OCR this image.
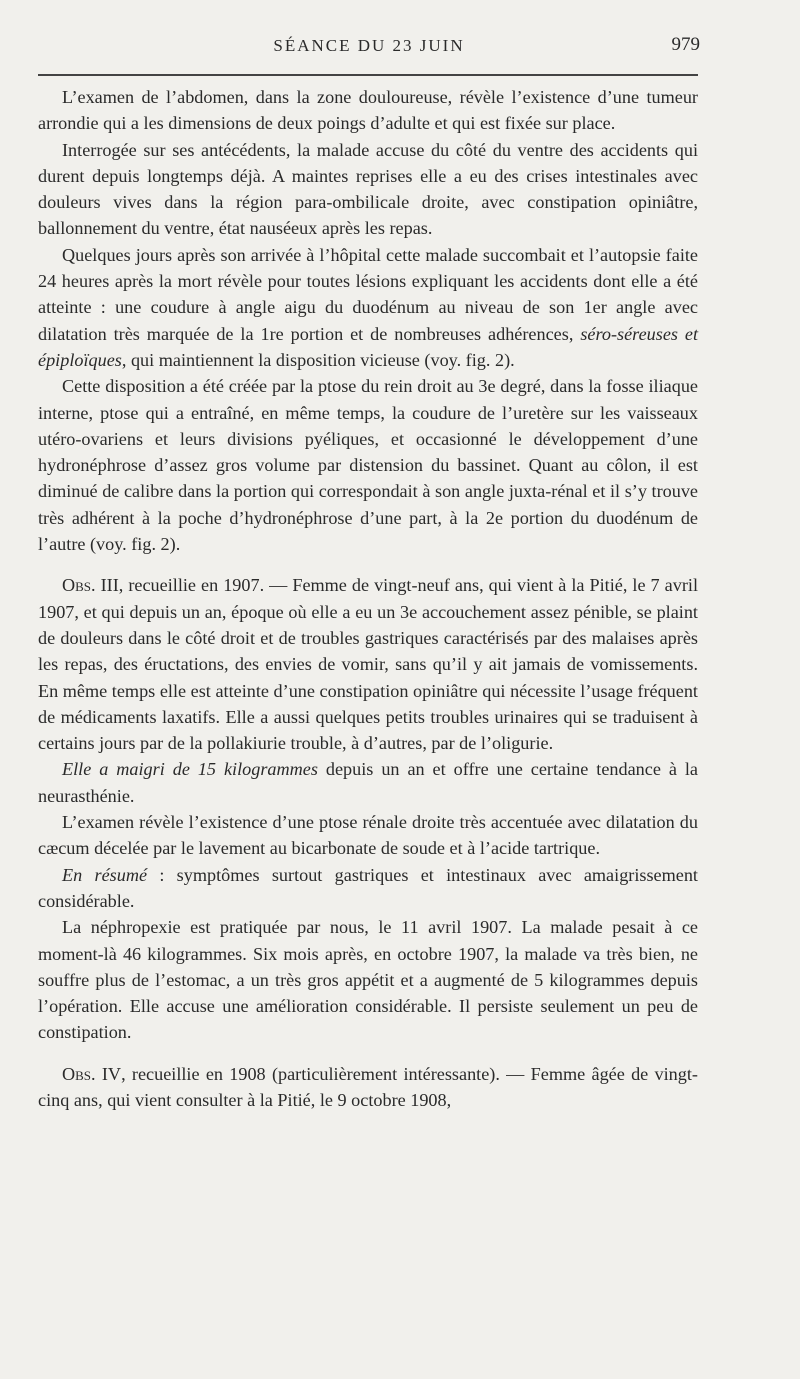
SÉANCE DU 23 JUIN	979

L’examen de l’abdomen, dans la zone douloureuse, révèle l’existence d’une tumeur arrondie qui a les dimensions de deux poings d’adulte et qui est fixée sur place.

Interrogée sur ses antécédents, la malade accuse du côté du ventre des accidents qui durent depuis longtemps déjà. A maintes reprises elle a eu des crises intestinales avec douleurs vives dans la région para-ombilicale droite, avec constipation opiniâtre, ballonnement du ventre, état nauséeux après les repas.

Quelques jours après son arrivée à l’hôpital cette malade succombait et l’autopsie faite 24 heures après la mort révèle pour toutes lésions expliquant les accidents dont elle a été atteinte : une coudure à angle aigu du duodénum au niveau de son 1er angle avec dilatation très marquée de la 1re portion et de nombreuses adhérences, séro-séreuses et épiploïques, qui maintiennent la disposition vicieuse (voy. fig. 2).

Cette disposition a été créée par la ptose du rein droit au 3e degré, dans la fosse iliaque interne, ptose qui a entraîné, en même temps, la coudure de l’uretère sur les vaisseaux utéro-ovariens et leurs divisions pyéliques, et occasionné le développement d’une hydronéphrose d’assez gros volume par distension du bassinet. Quant au côlon, il est diminué de calibre dans la portion qui correspondait à son angle juxta-rénal et il s’y trouve très adhérent à la poche d’hydronéphrose d’une part, à la 2e portion du duodénum de l’autre (voy. fig. 2).

Obs. III, recueillie en 1907. — Femme de vingt-neuf ans, qui vient à la Pitié, le 7 avril 1907, et qui depuis un an, époque où elle a eu un 3e accouchement assez pénible, se plaint de douleurs dans le côté droit et de troubles gastriques caractérisés par des malaises après les repas, des éructations, des envies de vomir, sans qu’il y ait jamais de vomissements. En même temps elle est atteinte d’une constipation opiniâtre qui nécessite l’usage fréquent de médicaments laxatifs. Elle a aussi quelques petits troubles urinaires qui se traduisent à certains jours par de la pollakiurie trouble, à d’autres, par de l’oligurie.

Elle a maigri de 15 kilogrammes depuis un an et offre une certaine tendance à la neurasthénie.

L’examen révèle l’existence d’une ptose rénale droite très accentuée avec dilatation du cæcum décelée par le lavement au bicarbonate de soude et à l’acide tartrique.

En résumé : symptômes surtout gastriques et intestinaux avec amaigrissement considérable.

La néphropexie est pratiquée par nous, le 11 avril 1907. La malade pesait à ce moment-là 46 kilogrammes. Six mois après, en octobre 1907, la malade va très bien, ne souffre plus de l’estomac, a un très gros appétit et a augmenté de 5 kilogrammes depuis l’opération. Elle accuse une amélioration considérable. Il persiste seulement un peu de constipation.

Obs. IV, recueillie en 1908 (particulièrement intéressante). — Femme âgée de vingt-cinq ans, qui vient consulter à la Pitié, le 9 octobre 1908,
